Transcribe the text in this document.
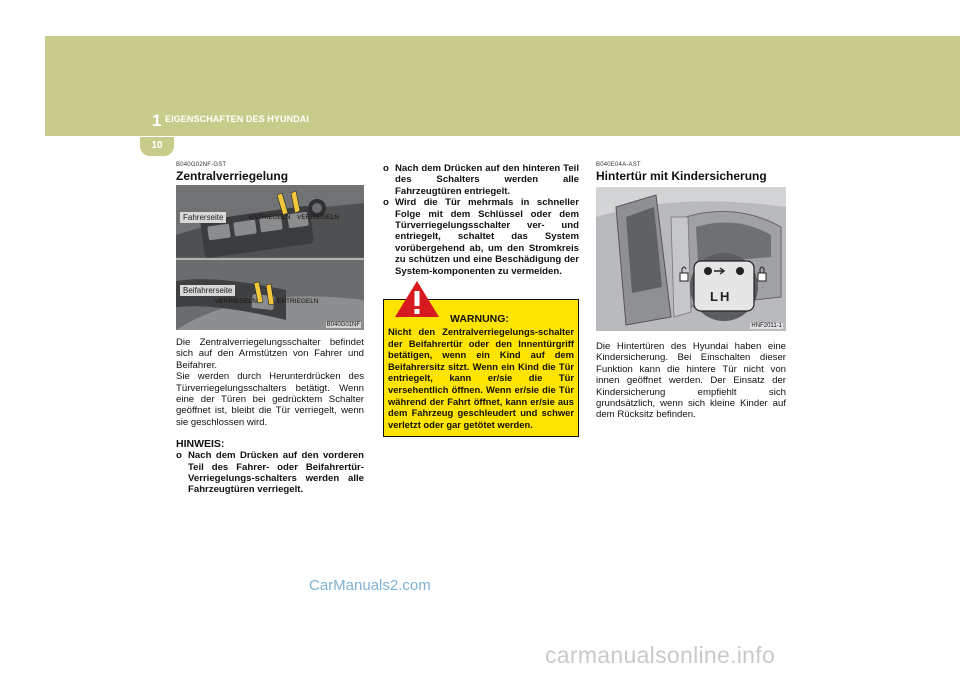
1 EIGENSCHAFTEN DES HYUNDAI
10
B040G02NF-GST
Zentralverriegelung
Fahrerseite	ENTRIEGELN VERRIEGELN
Beifahrerseite
VERRIEGELN	ENTRIEGELN
B040G01NF
Die Zentralverriegelungsschalter befindet sich auf den Armstützen von Fahrer und Beifahrer.
Sie werden durch Herunterdrücken des Türverriegelungsschalters betätigt. Wenn eine der Türen bei gedrücktem Schalter geöffnet ist, bleibt die Tür verriegelt, wenn sie geschlossen wird.
HINWEIS:
o Nach dem Drücken auf den vorderen Teil des Fahrer- oder Beifahrertür-Verriegelungs-schalters werden alle Fahrzeugtüren verriegelt.
o Nach dem Drücken auf den hinteren Teil des Schalters werden alle Fahrzeugtüren entriegelt.
o Wird die Tür mehrmals in schneller Folge mit dem Schlüssel oder dem Türverriegelungsschalter ver- und entriegelt, schaltet das System vorübergehend ab, um den Stromkreis zu schützen und eine Beschädigung der System-komponenten zu vermeiden.
WARNUNG:
Nicht den Zentralverriegelungs-schalter der Beifahrertür oder den Innentürgriff betätigen, wenn ein Kind auf dem Beifahrersitz sitzt. Wenn ein Kind die Tür entriegelt, kann er/sie die Tür versehentlich öffnen. Wenn er/sie die Tür während der Fahrt öffnet, kann er/sie aus dem Fahrzeug geschleudert und schwer verletzt oder gar getötet werden.
B040E04A-AST
Hintertür mit Kindersicherung
LH
HNF2011-1
Die Hintertüren des Hyundai haben eine Kindersicherung. Bei Einschalten dieser Funktion kann die hintere Tür nicht von innen geöffnet werden. Der Einsatz der Kindersicherung empfiehlt sich grundsätzlich, wenn sich kleine Kinder auf dem Rücksitz befinden.
CarManuals2.com
carmanualsonline.info
